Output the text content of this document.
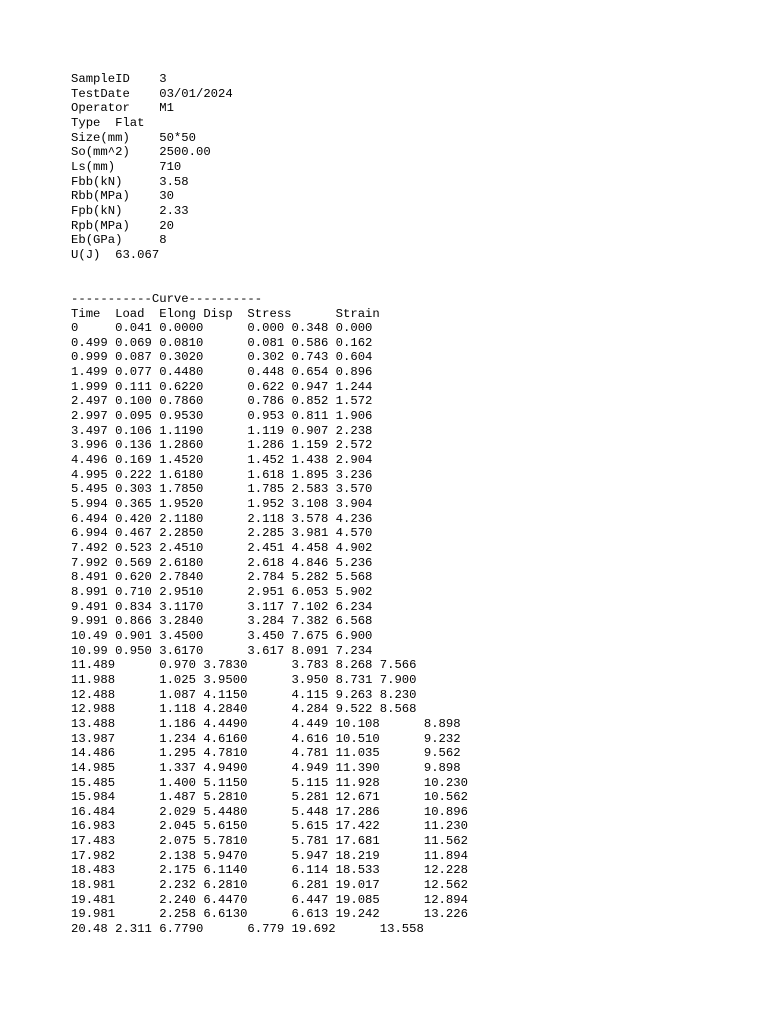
SampleID    3
TestDate    03/01/2024
Operator    M1
Type  Flat
Size(mm)    50*50
So(mm^2)    2500.00
Ls(mm)      710
Fbb(kN)     3.58
Rbb(MPa)    30
Fpb(kN)     2.33
Rpb(MPa)    20
Eb(GPa)     8
U(J)  63.067
-----------Curve----------
Time  Load  Elong Disp  Stress      Strain
0     0.041 0.0000      0.000 0.348 0.000
0.499 0.069 0.0810      0.081 0.586 0.162
0.999 0.087 0.3020      0.302 0.743 0.604
1.499 0.077 0.4480      0.448 0.654 0.896
1.999 0.111 0.6220      0.622 0.947 1.244
2.497 0.100 0.7860      0.786 0.852 1.572
2.997 0.095 0.9530      0.953 0.811 1.906
3.497 0.106 1.1190      1.119 0.907 2.238
3.996 0.136 1.2860      1.286 1.159 2.572
4.496 0.169 1.4520      1.452 1.438 2.904
4.995 0.222 1.6180      1.618 1.895 3.236
5.495 0.303 1.7850      1.785 2.583 3.570
5.994 0.365 1.9520      1.952 3.108 3.904
6.494 0.420 2.1180      2.118 3.578 4.236
6.994 0.467 2.2850      2.285 3.981 4.570
7.492 0.523 2.4510      2.451 4.458 4.902
7.992 0.569 2.6180      2.618 4.846 5.236
8.491 0.620 2.7840      2.784 5.282 5.568
8.991 0.710 2.9510      2.951 6.053 5.902
9.491 0.834 3.1170      3.117 7.102 6.234
9.991 0.866 3.2840      3.284 7.382 6.568
10.49 0.901 3.4500      3.450 7.675 6.900
10.99 0.950 3.6170      3.617 8.091 7.234
11.489      0.970 3.7830      3.783 8.268 7.566
11.988      1.025 3.9500      3.950 8.731 7.900
12.488      1.087 4.1150      4.115 9.263 8.230
12.988      1.118 4.2840      4.284 9.522 8.568
13.488      1.186 4.4490      4.449 10.108      8.898
13.987      1.234 4.6160      4.616 10.510      9.232
14.486      1.295 4.7810      4.781 11.035      9.562
14.985      1.337 4.9490      4.949 11.390      9.898
15.485      1.400 5.1150      5.115 11.928      10.230
15.984      1.487 5.2810      5.281 12.671      10.562
16.484      2.029 5.4480      5.448 17.286      10.896
16.983      2.045 5.6150      5.615 17.422      11.230
17.483      2.075 5.7810      5.781 17.681      11.562
17.982      2.138 5.9470      5.947 18.219      11.894
18.483      2.175 6.1140      6.114 18.533      12.228
18.981      2.232 6.2810      6.281 19.017      12.562
19.481      2.240 6.4470      6.447 19.085      12.894
19.981      2.258 6.6130      6.613 19.242      13.226
20.48 2.311 6.7790      6.779 19.692      13.558
